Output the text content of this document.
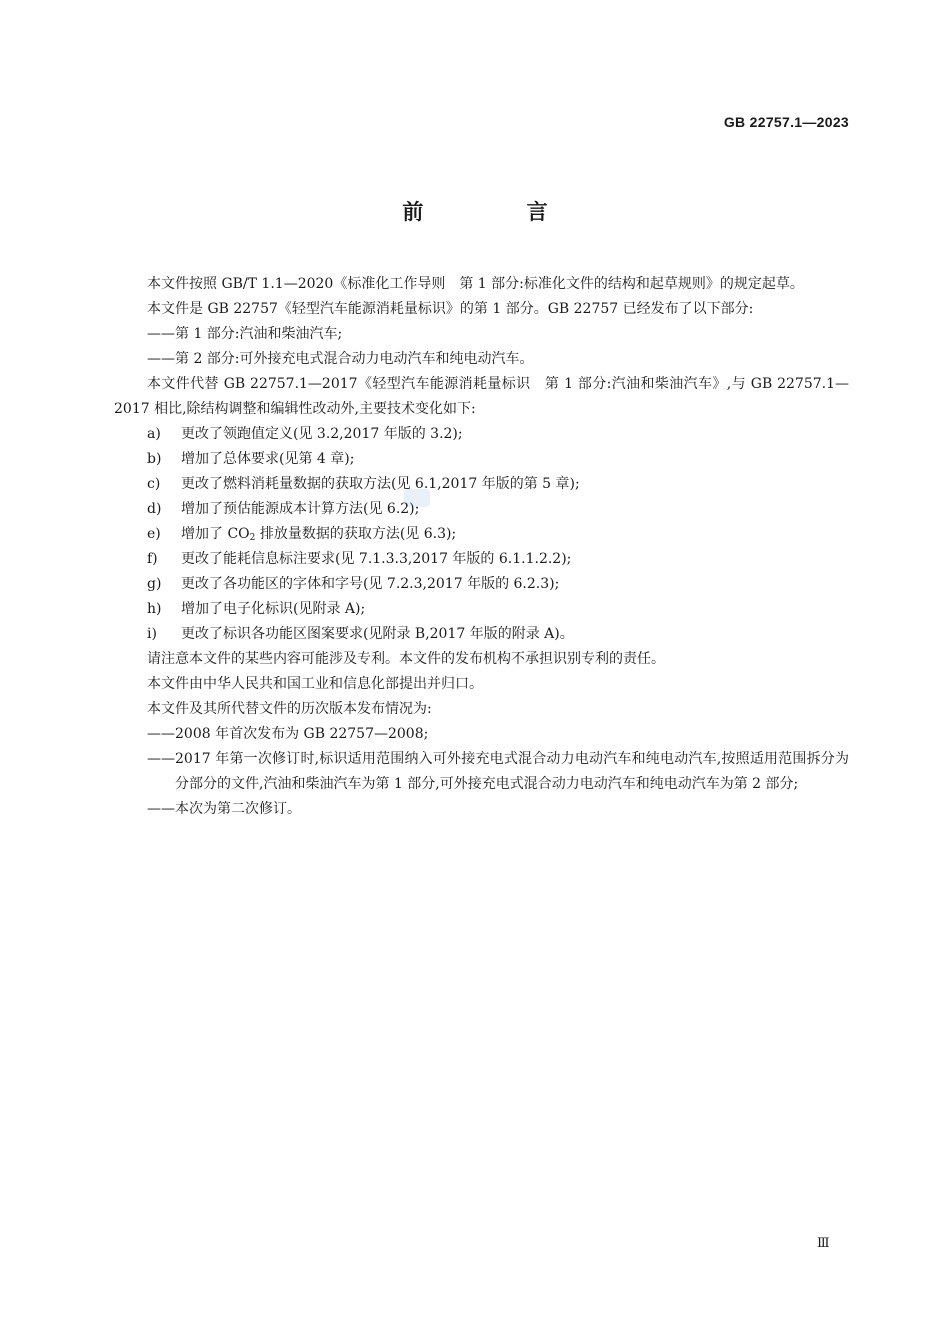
GB 22757.1—2023
前 言

本文件按照 GB/T 1.1—2020《标准化工作导则　第 1 部分:标准化文件的结构和起草规则》的规定起草。

本文件是 GB 22757《轻型汽车能源消耗量标识》的第 1 部分。GB 22757 已经发布了以下部分:

——第 1 部分:汽油和柴油汽车;

——第 2 部分:可外接充电式混合动力电动汽车和纯电动汽车。

本文件代替 GB 22757.1—2017《轻型汽车能源消耗量标识　第 1 部分:汽油和柴油汽车》,与 GB 22757.1—2017 相比,除结构调整和编辑性改动外,主要技术变化如下:

a)	更改了领跑值定义(见 3.2,2017 年版的 3.2);
b)	增加了总体要求(见第 4 章);
c)	更改了燃料消耗量数据的获取方法(见 6.1,2017 年版的第 5 章);
d)	增加了预估能源成本计算方法(见 6.2);
e)	增加了 $CO_2$ 排放量数据的获取方法(见 6.3);
f)	更改了能耗信息标注要求(见 7.1.3.3,2017 年版的 6.1.1.2.2);
g)	更改了各功能区的字体和字号(见 7.2.3,2017 年版的 6.2.3);
h)	增加了电子化标识(见附录 A);
i)	更改了标识各功能区图案要求(见附录 B,2017 年版的附录 A)。

请注意本文件的某些内容可能涉及专利。本文件的发布机构不承担识别专利的责任。

本文件由中华人民共和国工业和信息化部提出并归口。

本文件及其所代替文件的历次版本发布情况为:

——2008 年首次发布为 GB 22757—2008;

——2017 年第一次修订时,标识适用范围纳入可外接充电式混合动力电动汽车和纯电动汽车,按照适用范围拆分为分部分的文件,汽油和柴油汽车为第 1 部分,可外接充电式混合动力电动汽车和纯电动汽车为第 2 部分;

——本次为第二次修订。

Ⅲ
